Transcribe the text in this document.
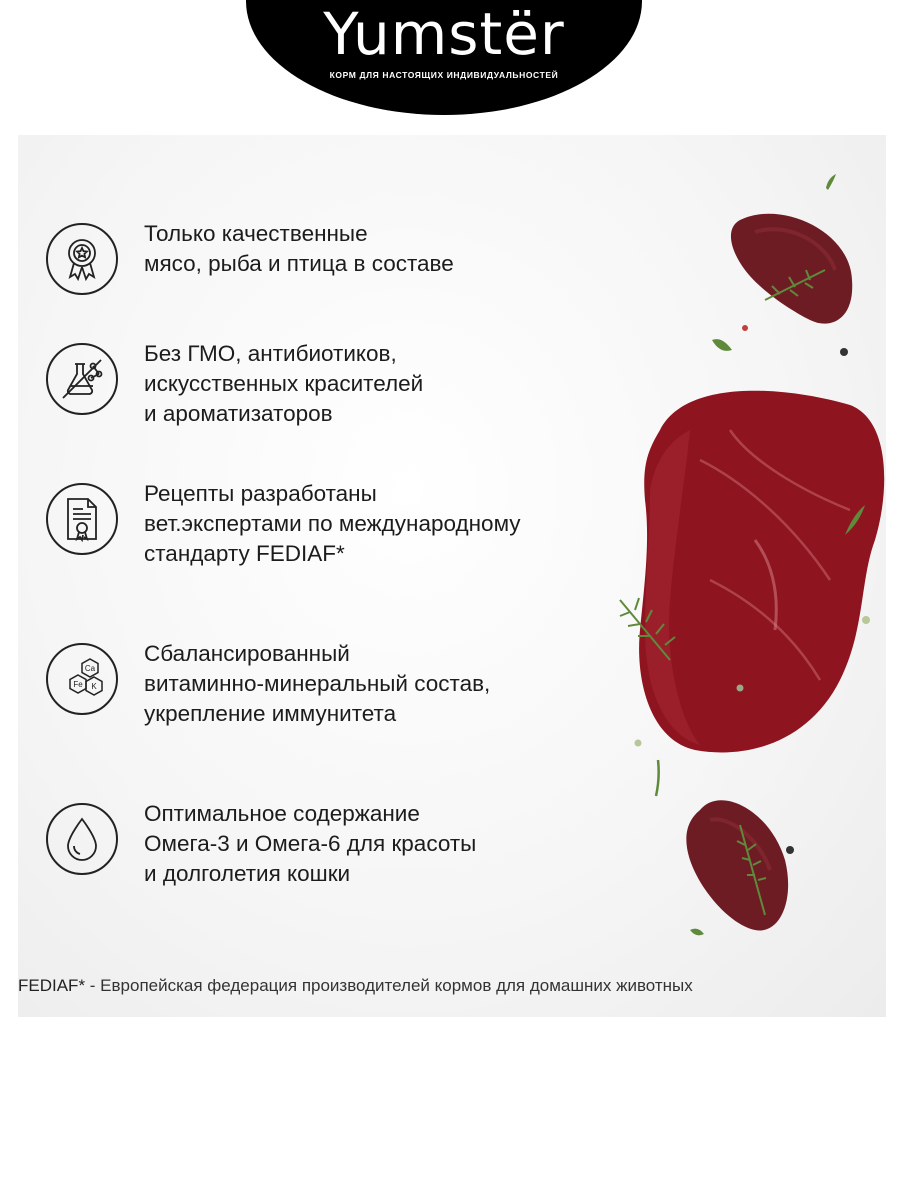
Yumstër
КОРМ ДЛЯ НАСТОЯЩИХ ИНДИВИДУАЛЬНОСТЕЙ
Только качественные
мясо, рыба и птица в составе
Без ГМО, антибиотиков,
искусственных красителей
и ароматизаторов
Рецепты разработаны
вет.экспертами по международному
стандарту FEDIAF*
Ca
Fe K
Сбалансированный
витаминно-минеральный состав,
укрепление иммунитета
Оптимальное содержание
Омега-3 и Омега-6 для красоты
и долголетия кошки
FEDIAF* - Европейская федерация производителей кормов для домашних животных
